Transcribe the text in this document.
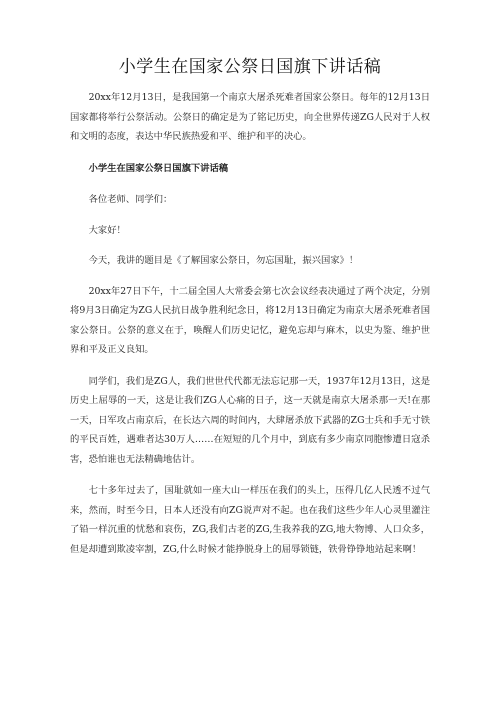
小学生在国家公祭日国旗下讲话稿

20xx年12月13日，是我国第一个南京大屠杀死难者国家公祭日。每年的12月13日国家都将举行公祭活动。公祭日的确定是为了铭记历史，向全世界传递ZG人民对于人权和文明的态度，表达中华民族热爱和平、维护和平的决心。

小学生在国家公祭日国旗下讲话稿

各位老师、同学们：

大家好！

今天，我讲的题目是《了解国家公祭日，勿忘国耻，振兴国家》！

20xx年27日下午，十二届全国人大常委会第七次会议经表决通过了两个决定，分别将9月3日确定为ZG人民抗日战争胜利纪念日，将12月13日确定为南京大屠杀死难者国家公祭日。公祭的意义在于，唤醒人们历史记忆，避免忘却与麻木，以史为鉴、维护世界和平及正义良知。

同学们，我们是ZG人，我们世世代代都无法忘记那一天，1937年12月13日，这是历史上屈辱的一天，这是让我们ZG人心痛的日子，这一天就是南京大屠杀那一天!在那一天，日军攻占南京后，在长达六周的时间内，大肆屠杀放下武器的ZG士兵和手无寸铁的平民百姓，遇难者达30万人……在短短的几个月中，到底有多少南京同胞惨遭日寇杀害，恐怕谁也无法精确地估计。

七十多年过去了，国耻就如一座大山一样压在我们的头上，压得几亿人民透不过气来，然而，时至今日，日本人还没有向ZG说声对不起。也在我们这些少年人心灵里灌注了铅一样沉重的忧愁和哀伤，ZG,我们古老的ZG,生我养我的ZG,地大物博、人口众多，但是却遭到欺凌宰割，ZG,什么时候才能挣脱身上的屈辱锁链，铁骨铮铮地站起来啊！
